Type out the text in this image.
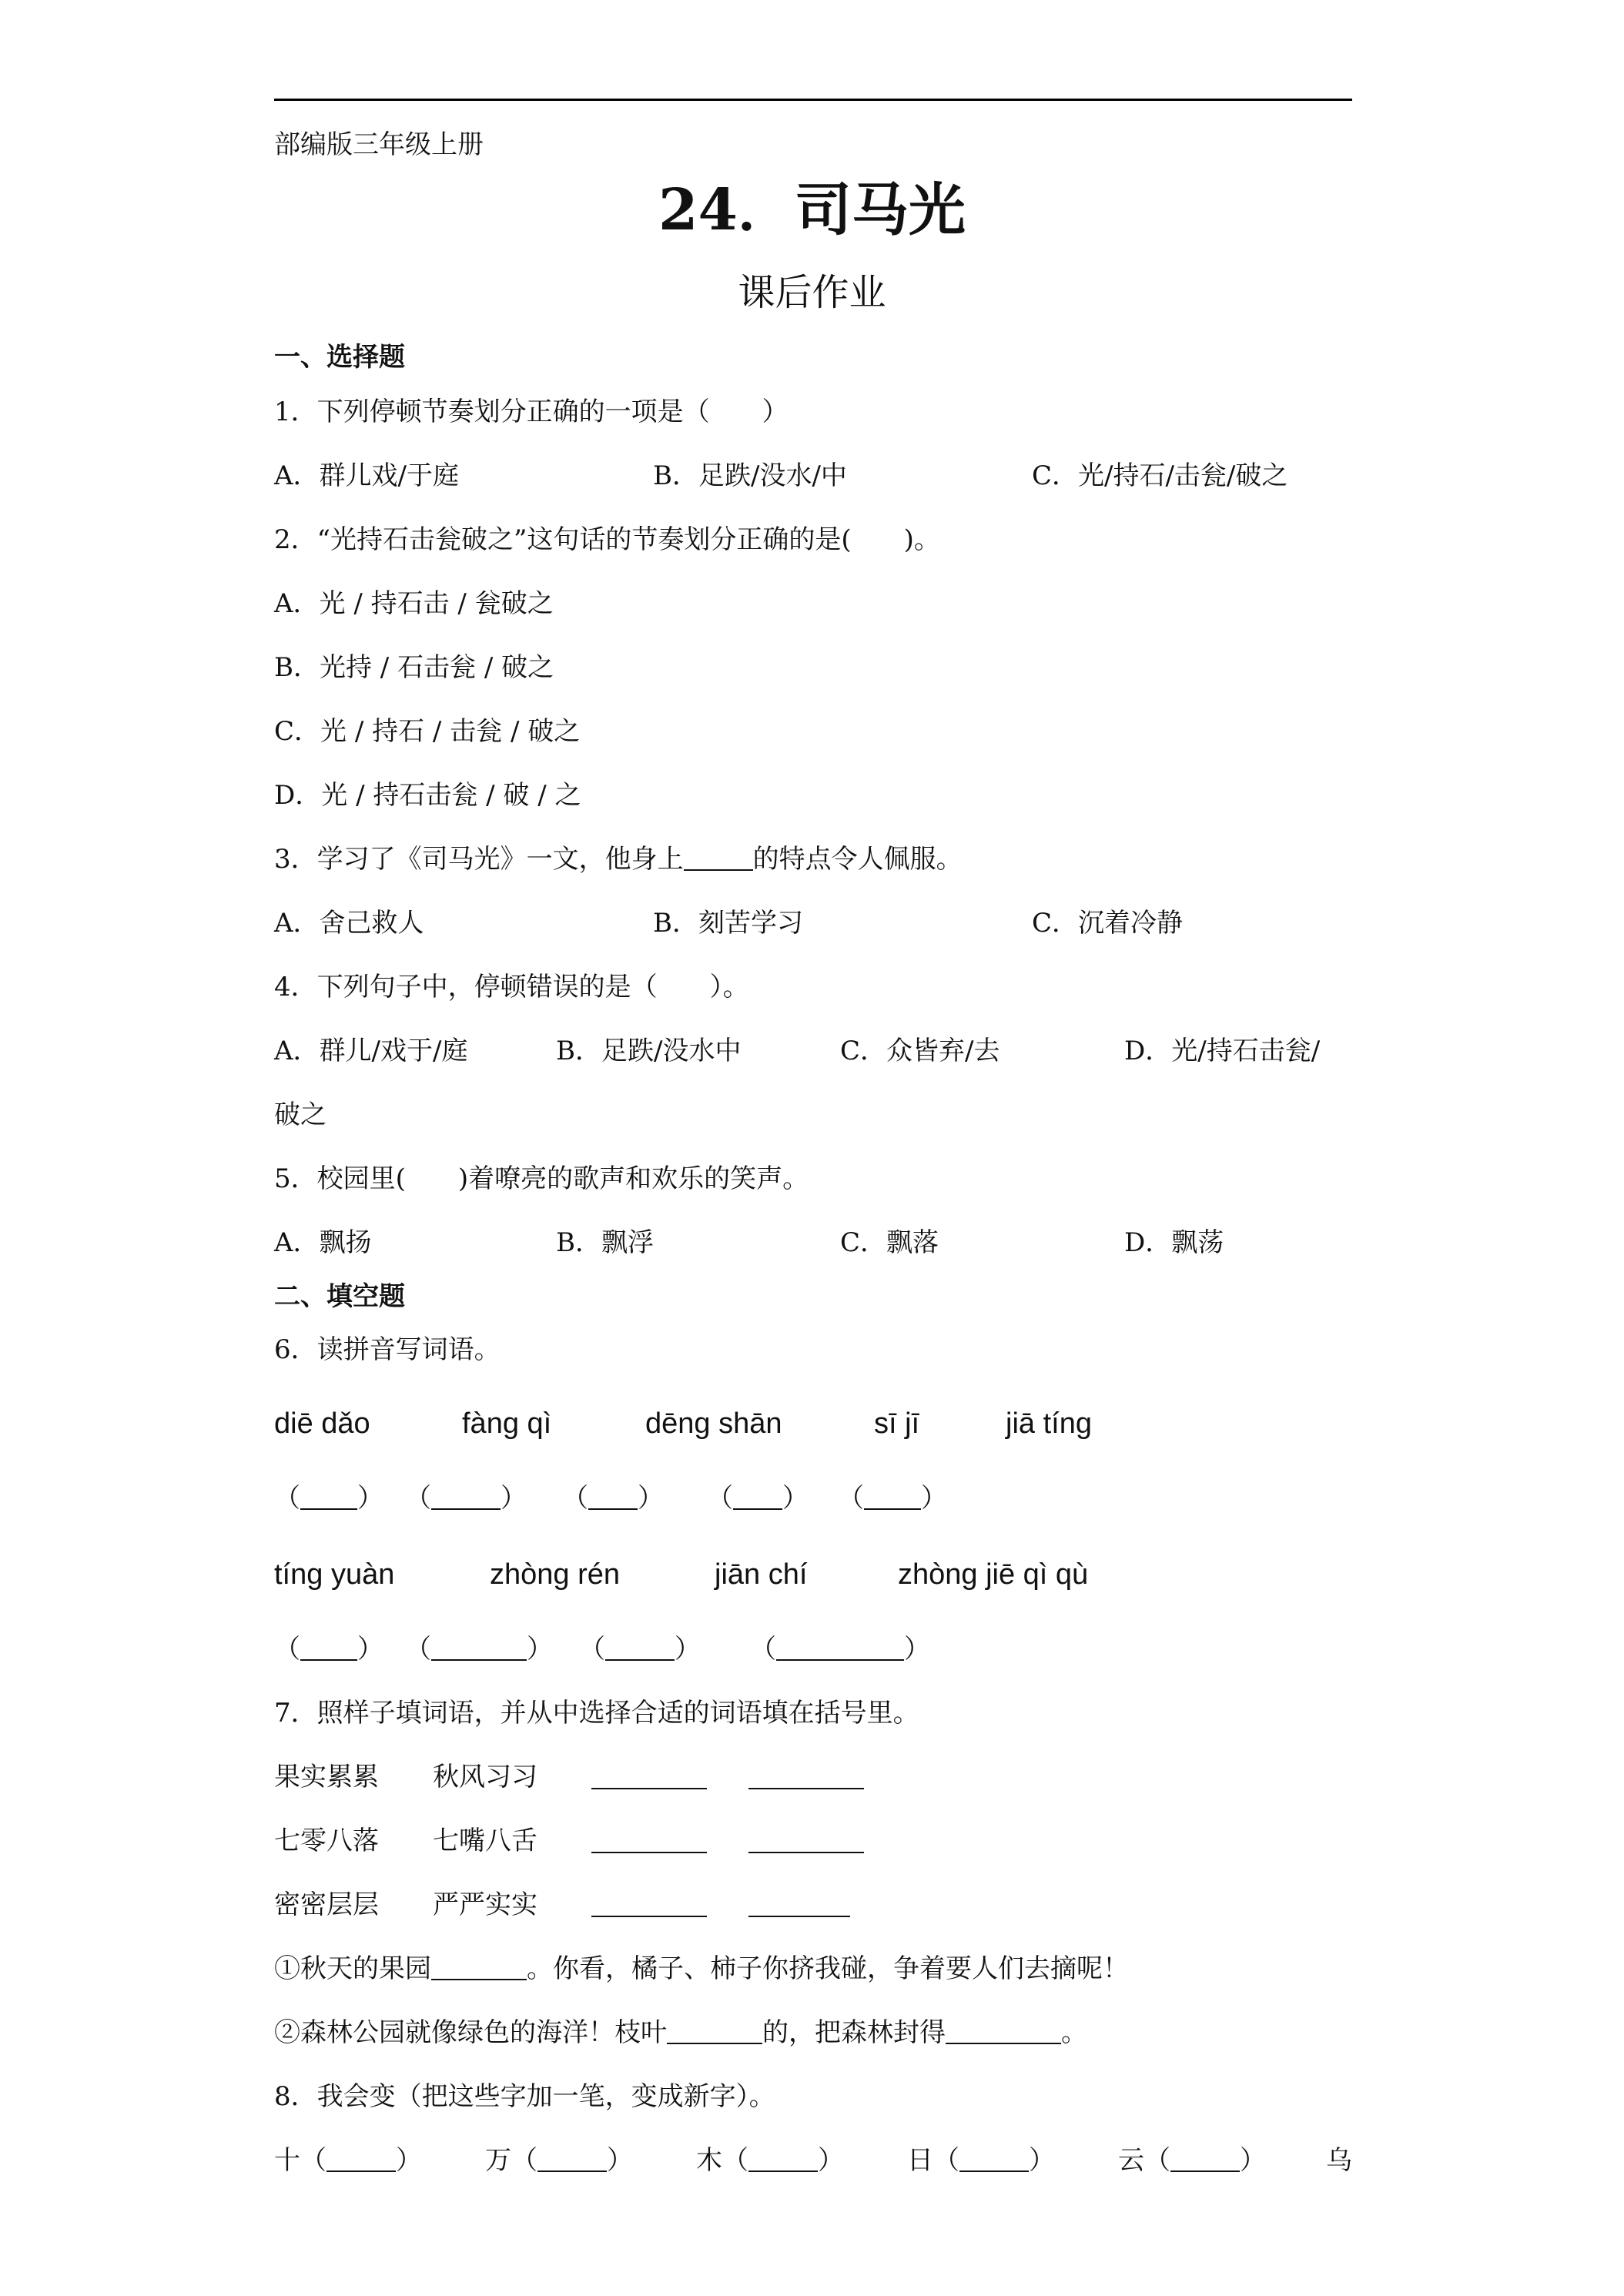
部编版三年级上册
24．司马光
课后作业
一、选择题
1．下列停顿节奏划分正确的一项是（　　）
A．群儿戏/于庭	B．足跌/没水/中	C．光/持石/击瓮/破之
2．“光持石击瓮破之”这句话的节奏划分正确的是(　　)。
A．光 / 持石击 / 瓮破之
B．光持 / 石击瓮 / 破之
C．光 / 持石 / 击瓮 / 破之
D．光 / 持石击瓮 / 破 / 之
3．学习了《司马光》一文，他身上	的特点令人佩服。
A．舍己救人	B．刻苦学习	C．沉着冷静
4．下列句子中，停顿错误的是（　　）。
A．群儿/戏于/庭	B．足跌/没水中	C．众皆弃/去	D．光/持石击瓮/
破之
5．校园里(　　)着嘹亮的歌声和欢乐的笑声。
A．飘扬	B．飘浮	C．飘落	D．飘荡
二、填空题
6．读拼音写词语。
diē dǎo	fàng qì	dēng shān	sī jī	jiā tíng
（ ） （	） （ ） （ ） （ ）
tíng yuàn	zhòng rén	jiān chí	zhòng jiē qì qù
（ ） （	） （	） （	）
7．照样子填词语，并从中选择合适的词语填在括号里。
果实累累 秋风习习
七零八落 七嘴八舌
密密层层 严严实实
①秋天的果园	。你看，橘子、柿子你挤我碰，争着要人们去摘呢！
②森林公园就像绿色的海洋！枝叶	的，把森林封得	。
8．我会变（把这些字加一笔，变成新字）。
十（	） 万（	） 木（	） 日（	） 云（	） 乌
